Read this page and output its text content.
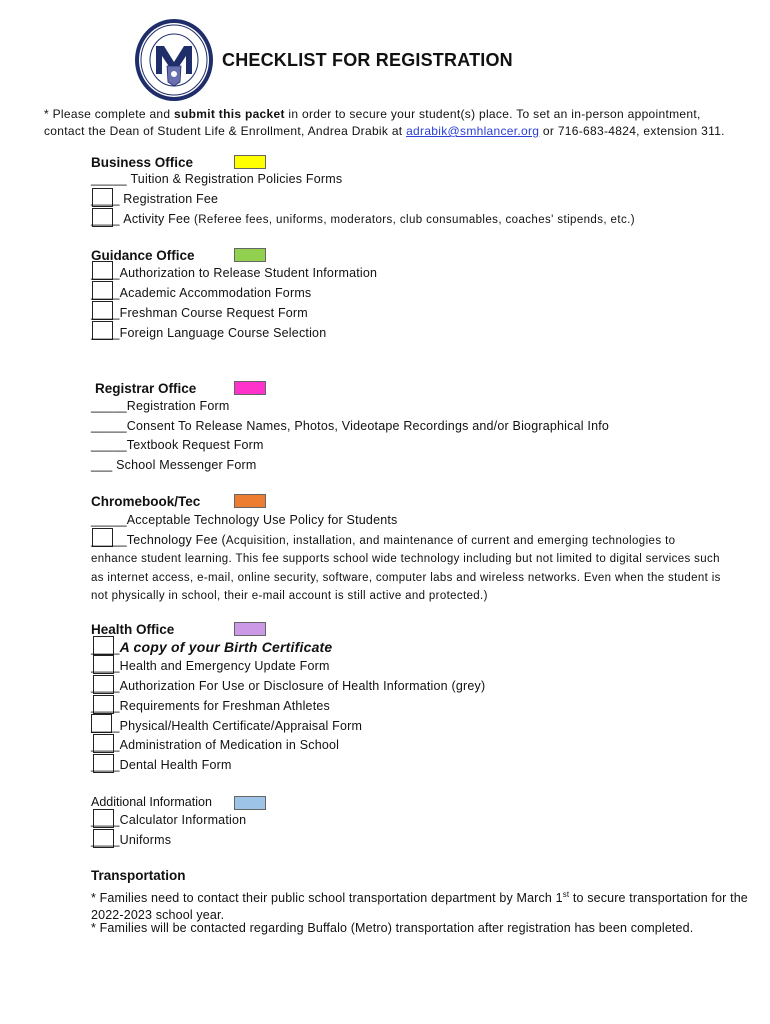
CHECKLIST FOR REGISTRATION
* Please complete and submit this packet in order to secure your student(s) place. To set an in-person appointment, contact the Dean of Student Life & Enrollment, Andrea Drabik at adrabik@smhlancer.org or 716-683-4824, extension 311.
Business Office
_____ Tuition & Registration Policies Forms
____ Registration Fee
____ Activity Fee (Referee fees, uniforms, moderators, club consumables, coaches' stipends, etc.)
Guidance Office
____Authorization to Release Student Information
____Academic Accommodation Forms
____Freshman Course Request Form
____Foreign Language Course Selection
Registrar Office
_____Registration Form
_____Consent To Release Names, Photos, Videotape Recordings and/or Biographical Info
_____Textbook Request Form
___ School Messenger Form
Chromebook/Tec
_____Acceptable Technology Use Policy for Students
_____Technology Fee (Acquisition, installation, and maintenance of current and emerging technologies to
enhance student learning. This fee supports school wide technology including but not limited to digital services such as internet access, e-mail, online security, software, computer labs and wireless networks. Even when the student is not physically in school, their e-mail account is still active and protected.)
Health Office
____A copy of your Birth Certificate
____Health and Emergency Update Form
____Authorization For Use or Disclosure of Health Information (grey)
____Requirements for Freshman Athletes
____Physical/Health Certificate/Appraisal Form
____Administration of Medication in School
____Dental Health Form
Additional Information
____Calculator Information
____Uniforms
Transportation
* Families need to contact their public school transportation department by March 1st to secure transportation for the 2022-2023 school year.
* Families will be contacted regarding Buffalo (Metro) transportation after registration has been completed.
